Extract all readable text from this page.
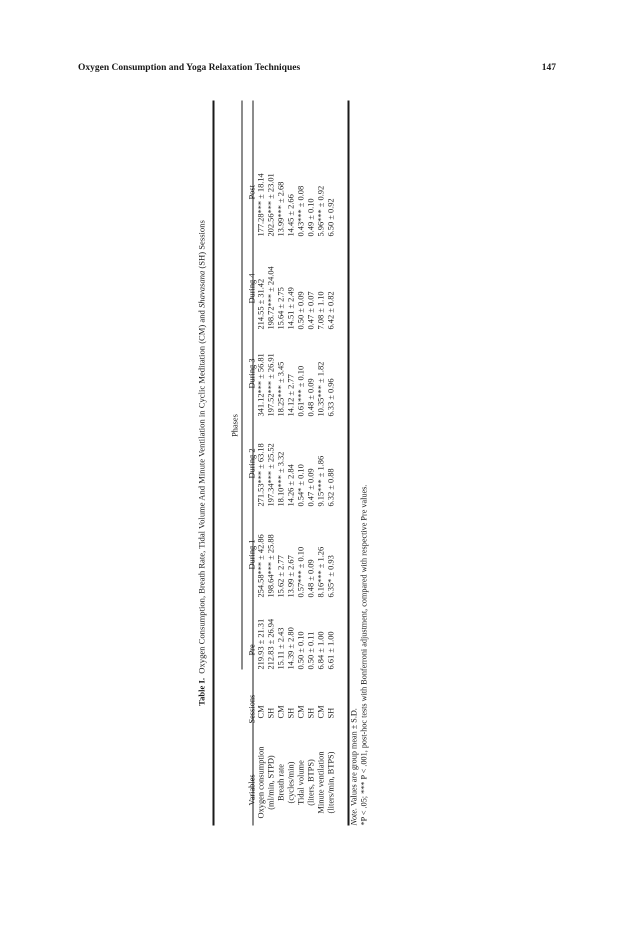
Oxygen Consumption and Yoga Relaxation Techniques	147
Table I.  Oxygen Consumption, Breath Rate, Tidal Volume And Minute Ventilation in Cyclic Meditation (CM) and Shavasana (SH) Sessions
Phases
Variables
Sessions
Pre
During 1
During 2
During 3
During 4
Post
Oxygen consumption
CM
219.93 ± 21.31
254.58*** ± 42.86
271.53*** ± 63.18
341.12*** ± 56.81
214.55 ± 31.42
177.28*** ± 18.14
(ml/min, STPD)
SH
212.83 ± 26.94
198.64*** ± 25.88
197.34*** ± 25.52
197.52*** ± 26.91
198.72*** ± 24.04
202.56*** ± 23.01
Breath rate
CM
15.11 ± 2.43
15.62 ± 2.77
18.10*** ± 3.32
18.25*** ± 3.45
15.64 ± 2.75
13.99*** ± 2.68
(cycles/min)
SH
14.39 ± 2.80
13.99 ± 2.67
14.26 ± 2.84
14.12 ± 2.77
14.51 ± 2.49
14.45 ± 2.66
Tidal volume
CM
0.50 ± 0.10
0.57*** ± 0.10
0.54* ± 0.10
0.61*** ± 0.10
0.50 ± 0.09
0.43*** ± 0.08
(liters, BTPS)
SH
0.50 ± 0.11
0.48 ± 0.09
0.47 ± 0.09
0.48 ± 0.09
0.47 ± 0.07
0.49 ± 0.10
Minute ventilation
CM
6.84 ± 1.00
8.16*** ± 1.26
9.15*** ± 1.86
10.35*** ± 1.82
7.08 ± 1.10
5.96*** ± 0.92
(liters/min, BTPS)
SH
6.61 ± 1.00
6.35* ± 0.93
6.32 ± 0.88
6.33 ± 0.96
6.42 ± 0.82
6.50 ± 0.92
Note. Values are group mean ± S.D. *P < .05; *** P < .001, post-hoc tests with Bonferroni adjustment, compared with respective Pre values.
